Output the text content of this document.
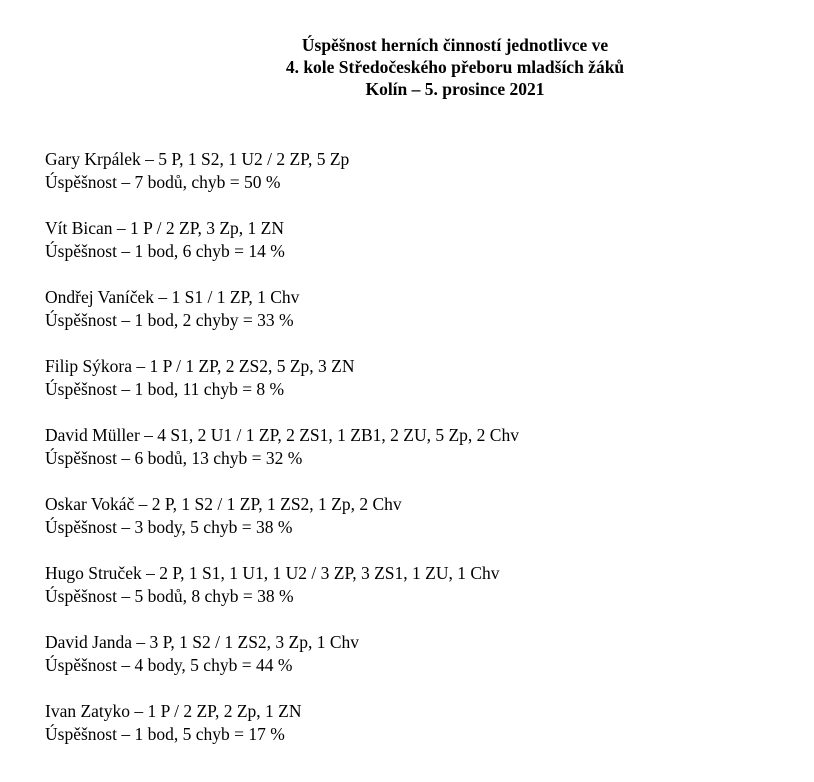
Úspěšnost herních činností jednotlivce ve
4. kole Středočeského přeboru mladších žáků
Kolín – 5. prosince 2021
Gary Krpálek – 5 P, 1 S2, 1 U2 / 2 ZP, 5 Zp
Úspěšnost – 7 bodů, chyb = 50 %
Vít Bican – 1 P / 2 ZP, 3 Zp, 1 ZN
Úspěšnost – 1 bod, 6 chyb = 14 %
Ondřej Vaníček – 1 S1 / 1 ZP, 1 Chv
Úspěšnost – 1 bod, 2 chyby = 33 %
Filip Sýkora – 1 P / 1 ZP, 2 ZS2, 5 Zp, 3 ZN
Úspěšnost – 1 bod, 11 chyb = 8 %
David Müller – 4 S1, 2 U1 / 1 ZP, 2 ZS1, 1 ZB1, 2 ZU, 5 Zp, 2 Chv
Úspěšnost – 6 bodů, 13 chyb = 32 %
Oskar Vokáč – 2 P, 1 S2 / 1 ZP, 1 ZS2, 1 Zp, 2 Chv
Úspěšnost – 3 body, 5 chyb = 38 %
Hugo Struček – 2 P, 1 S1, 1 U1, 1 U2 / 3 ZP, 3 ZS1, 1 ZU, 1 Chv
Úspěšnost – 5 bodů, 8 chyb = 38 %
David Janda – 3 P, 1 S2 / 1 ZS2, 3 Zp, 1 Chv
Úspěšnost – 4 body, 5 chyb = 44 %
Ivan Zatyko – 1 P / 2 ZP, 2 Zp, 1 ZN
Úspěšnost – 1 bod, 5 chyb = 17 %
